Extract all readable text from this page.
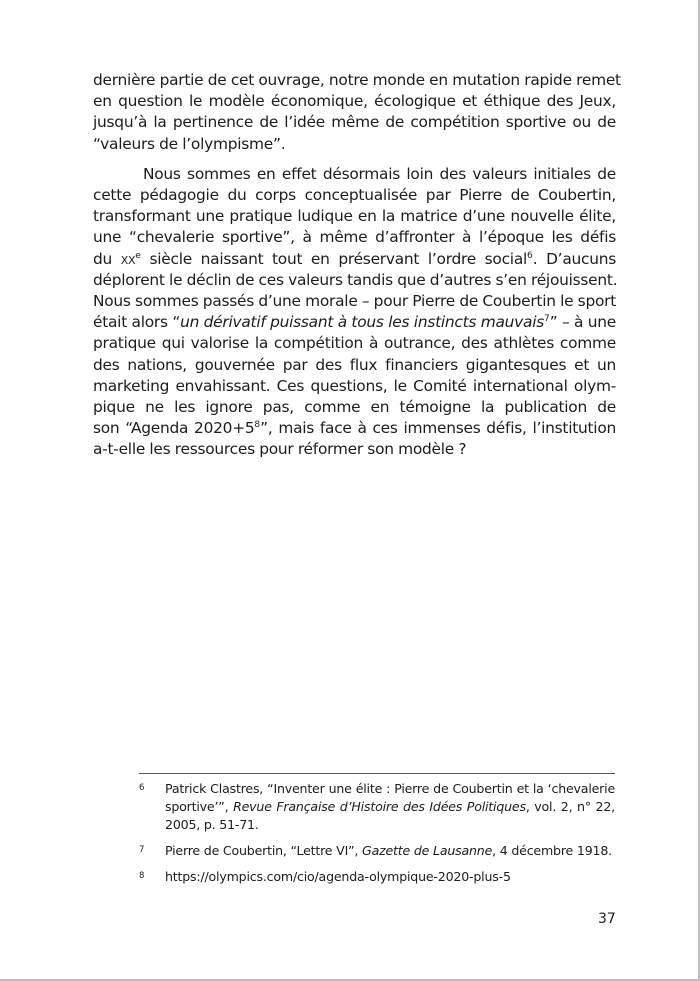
dernière partie de cet ouvrage, notre monde en mutation rapide remet
en question le modèle économique, écologique et éthique des Jeux,
jusqu’à la pertinence de l’idée même de compétition sportive ou de
“valeurs de l’olympisme”.

Nous sommes en effet désormais loin des valeurs initiales de
cette pédagogie du corps conceptualisée par Pierre de Coubertin,
transformant une pratique ludique en la matrice d’une nouvelle élite,
une “chevalerie sportive”, à même d’affronter à l’époque les défis
du $xx^e$ siècle naissant tout en préservant l’ordre social$^6$. D’aucuns
déplorent le déclin de ces valeurs tandis que d’autres s’en réjouissent.
Nous sommes passés d’une morale – pour Pierre de Coubertin le sport
était alors “un dérivatif puissant à tous les instincts mauvais$^7$” – à une
pratique qui valorise la compétition à outrance, des athlètes comme
des nations, gouvernée par des flux financiers gigantesques et un
marketing envahissant. Ces questions, le Comité international olym-
pique ne les ignore pas, comme en témoigne la publication de
son “Agenda $2020+5^8$”, mais face à ces immenses défis, l’institution
a-t-elle les ressources pour réformer son modèle ?

6	Patrick Clastres, “Inventer une élite : Pierre de Coubertin et la ‘chevalerie
sportive’”, Revue Française d’Histoire des Idées Politiques, vol. 2, n° 22,
2005, p. 51-71.
7	Pierre de Coubertin, “Lettre VI”, Gazette de Lausanne, 4 décembre 1918.
8	https://olympics.com/cio/agenda-olympique-2020-plus-5
37
